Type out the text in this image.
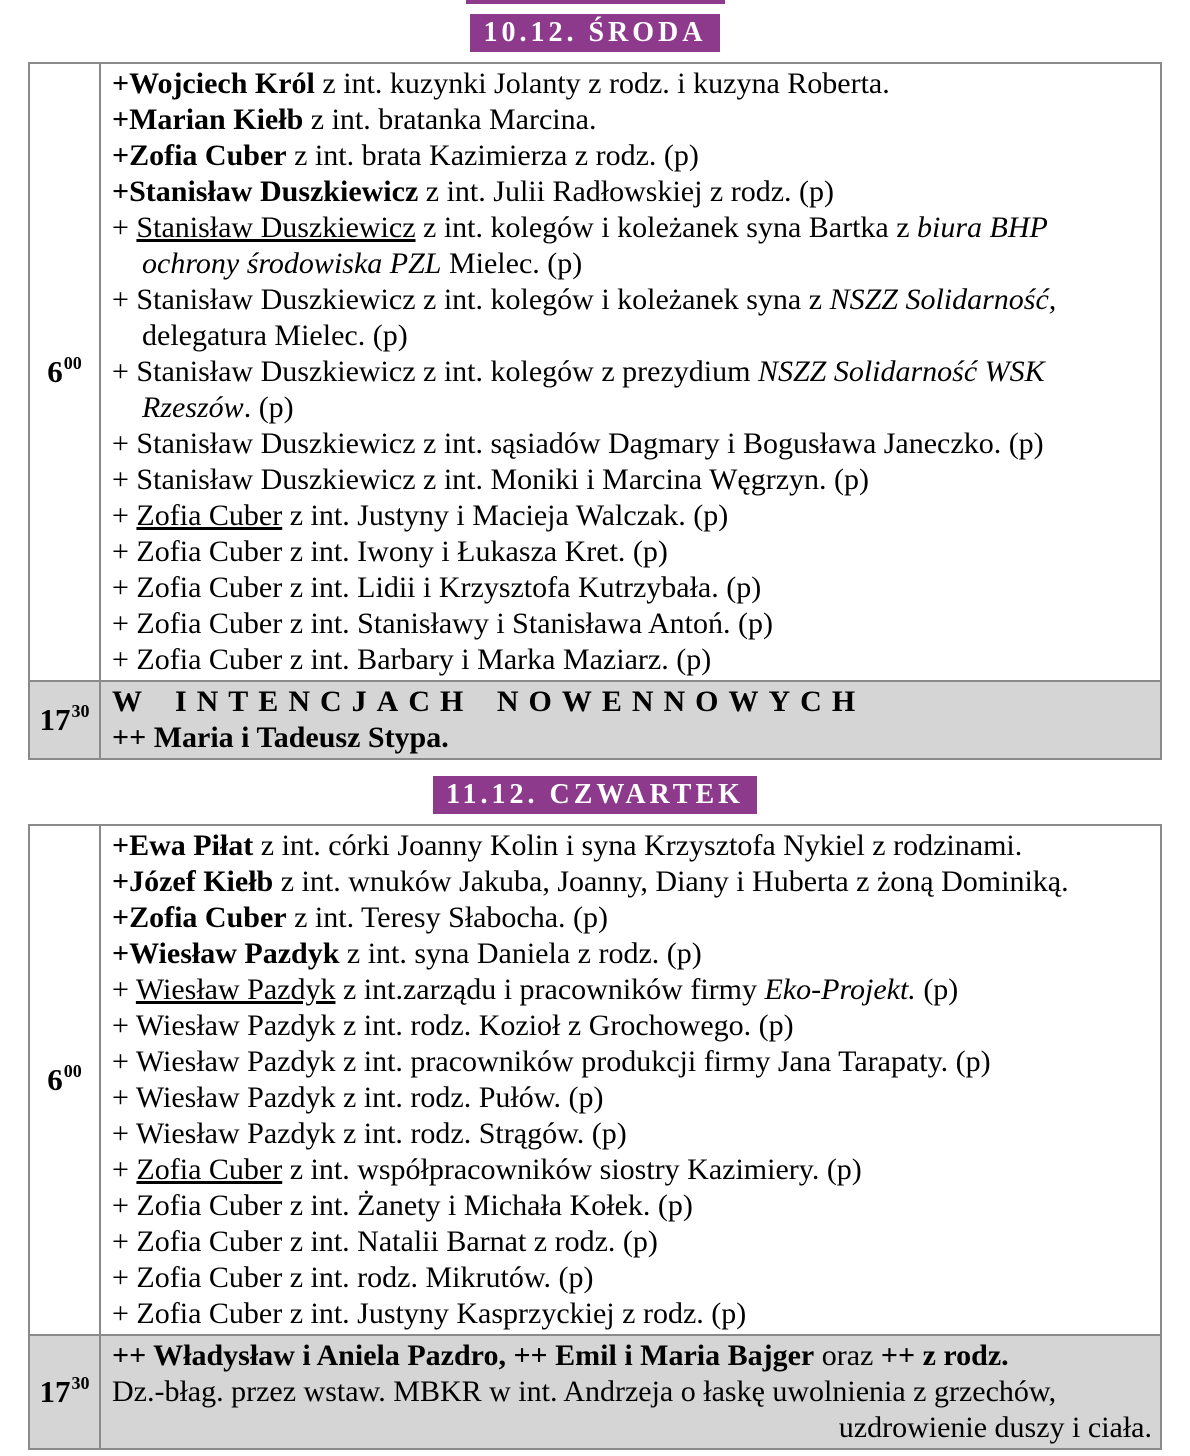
10.12. ŚRODA
6 00
+Wojciech Król z int. kuzynki Jolanty z rodz. i kuzyna Roberta.
+Marian Kiełb z int. bratanka Marcina.
+Zofia Cuber z int. brata Kazimierza z rodz. (p)
+Stanisław Duszkiewicz z int. Julii Radłowskiej z rodz. (p)
+ Stanisław Duszkiewicz z int. kolegów i koleżanek syna Bartka z biura BHP
ochrony środowiska PZL Mielec. (p)
+ Stanisław Duszkiewicz z int. kolegów i koleżanek syna z NSZZ Solidarność,
delegatura Mielec. (p)
+ Stanisław Duszkiewicz z int. kolegów z prezydium NSZZ Solidarność WSK
Rzeszów. (p)
+ Stanisław Duszkiewicz z int. sąsiadów Dagmary i Bogusława Janeczko. (p)
+ Stanisław Duszkiewicz z int. Moniki i Marcina Węgrzyn. (p)
+ Zofia Cuber z int. Justyny i Macieja Walczak. (p)
+ Zofia Cuber z int. Iwony i Łukasza Kret. (p)
+ Zofia Cuber z int. Lidii i Krzysztofa Kutrzybała. (p)
+ Zofia Cuber z int. Stanisławy i Stanisława Antoń. (p)
+ Zofia Cuber z int. Barbary i Marka Maziarz. (p)
17 30 W INTENCJACH NOWENNOWYCH
++ Maria i Tadeusz Stypa.
11.12. CZWARTEK
6 00
+Ewa Piłat z int. córki Joanny Kolin i syna Krzysztofa Nykiel z rodzinami.
+Józef Kiełb z int. wnuków Jakuba, Joanny, Diany i Huberta z żoną Dominiką.
+Zofia Cuber z int. Teresy Słabocha. (p)
+Wiesław Pazdyk z int. syna Daniela z rodz. (p)
+ Wiesław Pazdyk z int.zarządu i pracowników firmy Eko-Projekt. (p)
+ Wiesław Pazdyk z int. rodz. Kozioł z Grochowego. (p)
+ Wiesław Pazdyk z int. pracowników produkcji firmy Jana Tarapaty. (p)
+ Wiesław Pazdyk z int. rodz. Pułów. (p)
+ Wiesław Pazdyk z int. rodz. Strągów. (p)
+ Zofia Cuber z int. współpracowników siostry Kazimiery. (p)
+ Zofia Cuber z int. Żanety i Michała Kołek. (p)
+ Zofia Cuber z int. Natalii Barnat z rodz. (p)
+ Zofia Cuber z int. rodz. Mikrutów. (p)
+ Zofia Cuber z int. Justyny Kasprzyckiej z rodz. (p)
17 30
++ Władysław i Aniela Pazdro, ++ Emil i Maria Bajger oraz ++ z rodz.
Dz.-błag. przez wstaw. MBKR w int. Andrzeja o łaskę uwolnienia z grzechów,
uzdrowienie duszy i ciała.
